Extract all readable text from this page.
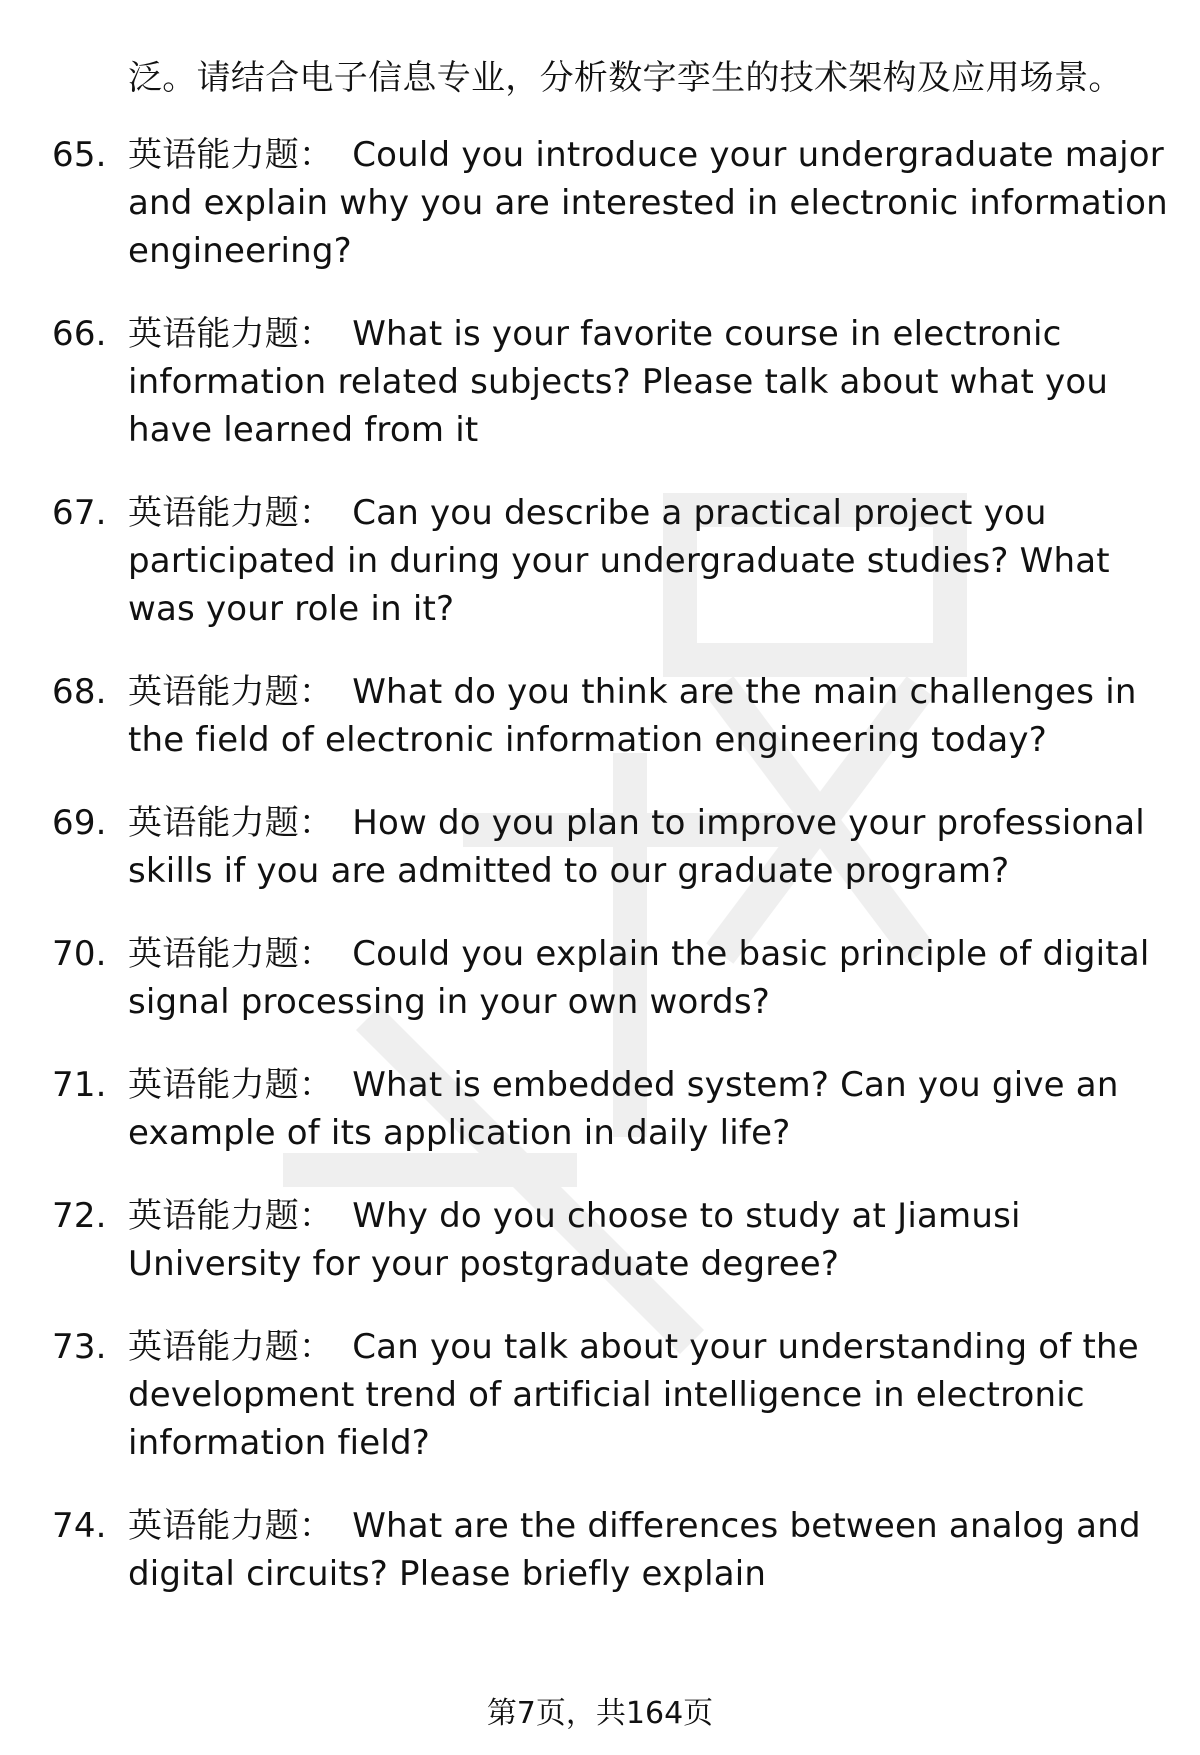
泛。请结合电子信息专业，分析数字孪生的技术架构及应用场景。
65. 英语能力题： Could you introduce your undergraduate major and explain why you are interested in electronic information engineering?
66. 英语能力题： What is your favorite course in electronic information related subjects? Please talk about what you have learned from it
67. 英语能力题： Can you describe a practical project you participated in during your undergraduate studies? What was your role in it?
68. 英语能力题： What do you think are the main challenges in the field of electronic information engineering today?
69. 英语能力题： How do you plan to improve your professional skills if you are admitted to our graduate program?
70. 英语能力题： Could you explain the basic principle of digital signal processing in your own words?
71. 英语能力题： What is embedded system? Can you give an example of its application in daily life?
72. 英语能力题： Why do you choose to study at Jiamusi University for your postgraduate degree?
73. 英语能力题： Can you talk about your understanding of the development trend of artificial intelligence in electronic information field?
74. 英语能力题： What are the differences between analog and digital circuits? Please briefly explain
第7页，共164页
